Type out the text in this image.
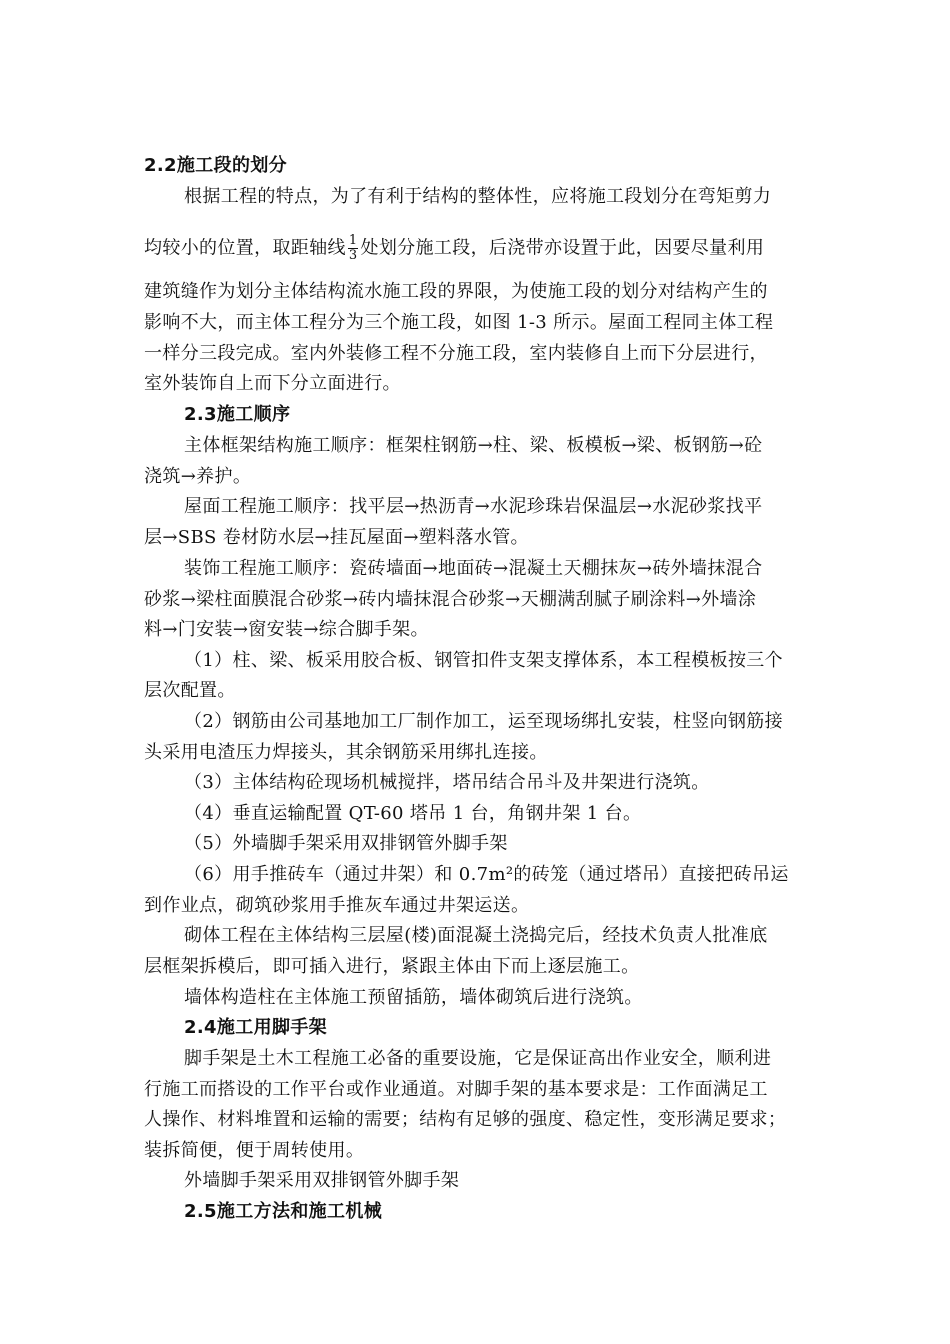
2.2施工段的划分
根据工程的特点，为了有利于结构的整体性，应将施工段划分在弯矩剪力
均较小的位置，取距轴线 $\frac{1}{3}$ 处划分施工段，后浇带亦设置于此，因要尽量利用
建筑缝作为划分主体结构流水施工段的界限，为使施工段的划分对结构产生的
影响不大，而主体工程分为三个施工段，如图 1-3 所示。屋面工程同主体工程
一样分三段完成。室内外装修工程不分施工段，室内装修自上而下分层进行，
室外装饰自上而下分立面进行。
2.3施工顺序
主体框架结构施工顺序：框架柱钢筋→柱、梁、板模板→梁、板钢筋→砼
浇筑→养护。
屋面工程施工顺序：找平层→热沥青→水泥珍珠岩保温层→水泥砂浆找平
层→SBS 卷材防水层→挂瓦屋面→塑料落水管。
装饰工程施工顺序：瓷砖墙面→地面砖→混凝土天棚抹灰→砖外墙抹混合
砂浆→梁柱面膜混合砂浆→砖内墙抹混合砂浆→天棚满刮腻子刷涂料→外墙涂
料→门安装→窗安装→综合脚手架。
（1）柱、梁、板采用胶合板、钢管扣件支架支撑体系，本工程模板按三个
层次配置。
（2）钢筋由公司基地加工厂制作加工，运至现场绑扎安装，柱竖向钢筋接
头采用电渣压力焊接头，其余钢筋采用绑扎连接。
（3）主体结构砼现场机械搅拌，塔吊结合吊斗及井架进行浇筑。
（4）垂直运输配置 QT-60 塔吊 1 台，角钢井架 1 台。
（5）外墙脚手架采用双排钢管外脚手架
（6）用手推砖车（通过井架）和 0.7m²的砖笼（通过塔吊）直接把砖吊运
到作业点，砌筑砂浆用手推灰车通过井架运送。
砌体工程在主体结构三层屋(楼)面混凝土浇捣完后，经技术负责人批准底
层框架拆模后，即可插入进行，紧跟主体由下而上逐层施工。
墙体构造柱在主体施工预留插筋，墙体砌筑后进行浇筑。
2.4施工用脚手架
脚手架是土木工程施工必备的重要设施，它是保证高出作业安全，顺利进
行施工而搭设的工作平台或作业通道。对脚手架的基本要求是：工作面满足工
人操作、材料堆置和运输的需要；结构有足够的强度、稳定性，变形满足要求；
装拆简便，便于周转使用。
外墙脚手架采用双排钢管外脚手架
2.5施工方法和施工机械
